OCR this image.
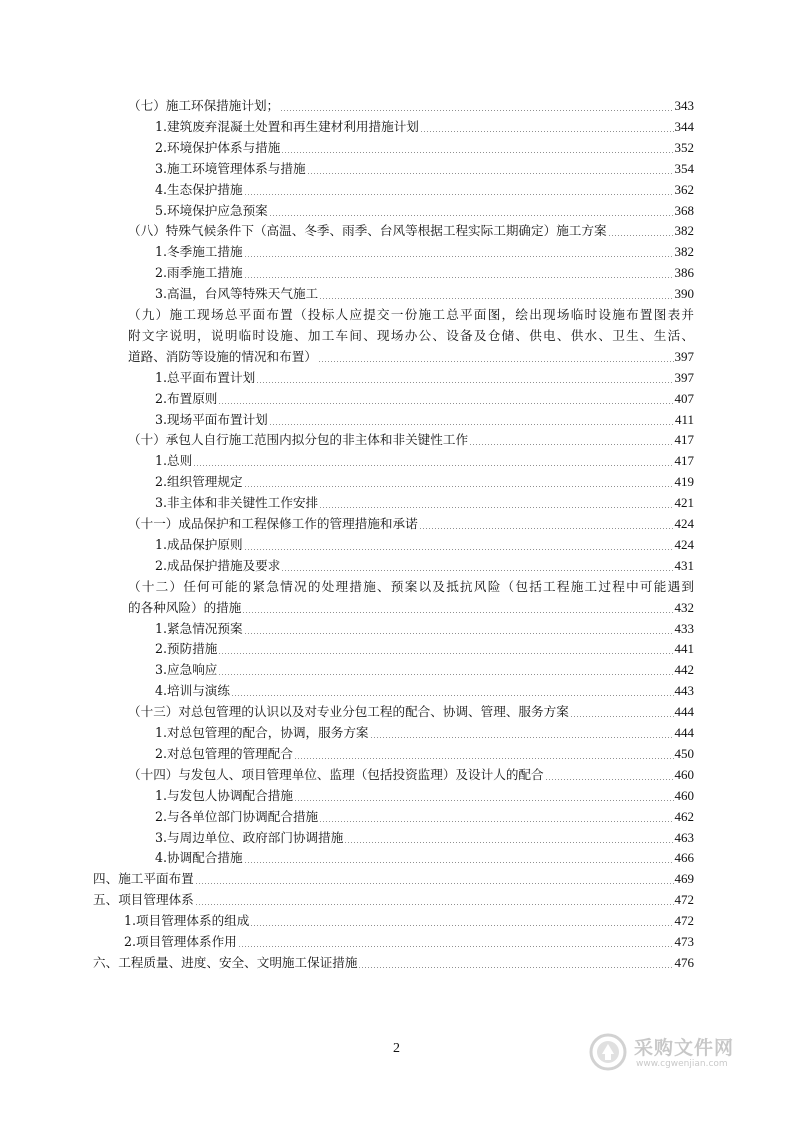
（七）施工环保措施计划；	343
1.建筑废弃混凝土处置和再生建材利用措施计划	344
2.环境保护体系与措施	352
3.施工环境管理体系与措施	354
4.生态保护措施	362
5.环境保护应急预案	368
（八）特殊气候条件下（高温、冬季、雨季、台风等根据工程实际工期确定）施工方案	382
1.冬季施工措施	382
2.雨季施工措施	386
3.高温，台风等特殊天气施工	390
（九）施工现场总平面布置（投标人应提交一份施工总平面图，绘出现场临时设施布置图表并
附文字说明，说明临时设施、加工车间、现场办公、设备及仓储、供电、供水、卫生、生活、
道路、消防等设施的情况和布置）	397
1.总平面布置计划	397
2.布置原则	407
3.现场平面布置计划	411
（十）承包人自行施工范围内拟分包的非主体和非关键性工作	417
1.总则	417
2.组织管理规定	419
3.非主体和非关键性工作安排	421
（十一）成品保护和工程保修工作的管理措施和承诺	424
1.成品保护原则	424
2.成品保护措施及要求	431
（十二）任何可能的紧急情况的处理措施、预案以及抵抗风险（包括工程施工过程中可能遇到
的各种风险）的措施	432
1.紧急情况预案	433
2.预防措施	441
3.应急响应	442
4.培训与演练	443
（十三）对总包管理的认识以及对专业分包工程的配合、协调、管理、服务方案	444
1.对总包管理的配合，协调，服务方案	444
2.对总包管理的管理配合	450
（十四）与发包人、项目管理单位、监理（包括投资监理）及设计人的配合	460
1.与发包人协调配合措施	460
2.与各单位部门协调配合措施	462
3.与周边单位、政府部门协调措施	463
4.协调配合措施	466
四、施工平面布置	469
五、项目管理体系	472
1.项目管理体系的组成	472
2.项目管理体系作用	473
六、工程质量、进度、安全、文明施工保证措施	476
2	采购文件网
www.cgwenjian.com
